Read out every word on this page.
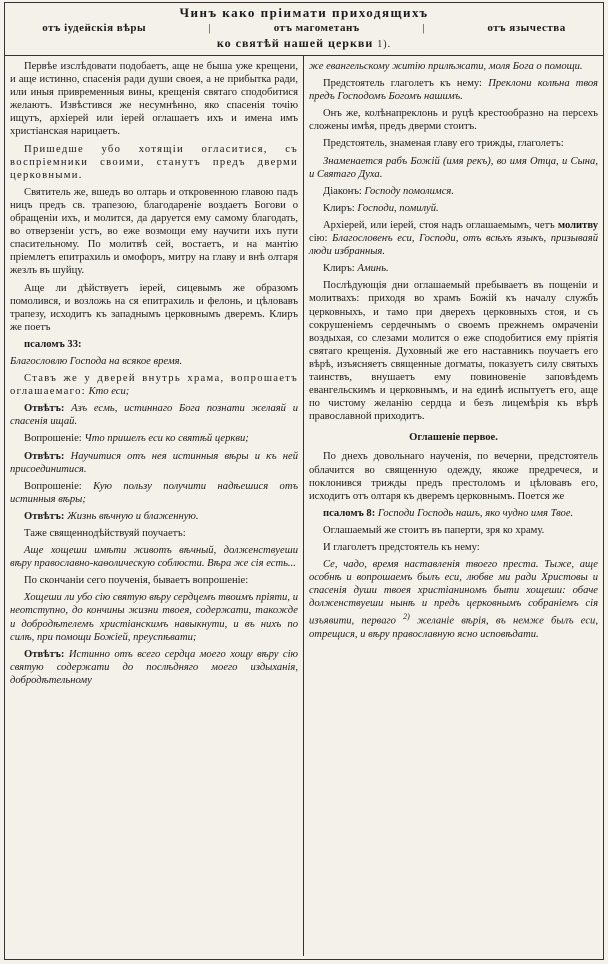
Чинъ како пріимати приходящихъ
отъ іудейскія вѣры	|	отъ магометанъ	|	отъ язычества
ко святѣй нашей церкви 1).

Первѣе изслѣдовати подобаетъ, аще не быша уже крещени, и аще истинно, спасенія ради души своея, а не прибытка ради, или иныя привременныя вины, крещенія святаго сподобитися желаютъ. Извѣстився же несумнѣнно, яко спасенія точію ищутъ, архіерей или іерей оглашаетъ ихъ и имена имъ христіанская нарицаетъ.

Пришедше убо хотящіи огласитися, съ воспріемники своими, станутъ предъ дверми церковными.

Святитель же, вшедъ во олтарь и откровенною главою падъ ницъ предъ св. трапезою, благодареніе воздаетъ Богови о обращеніи ихъ, и молится, да даруется ему самому благодать, во отверзеніи устъ, во еже возмощи ему научити ихъ пути спасительному. По молитвѣ сей, востаетъ, и на мантію пріемлетъ епитрахиль и омофоръ, митру на главу и внѣ олтаря жезлъ въ шуйцу.

Аще ли дѣйствуетъ іерей, сицевымъ же образомъ помолився, и возложь на ся епитрахиль и фелонь, и цѣловавъ трапезу, исходитъ къ западнымъ церковнымъ дверемъ. Клиръ же поетъ

псаломъ 33:

Благословлю Господа на всякое время.

Ставъ же у дверей внутрь храма, вопрошаетъ оглашаемаго: Кто еси;

Отвѣтъ: Азъ есмь, истиннаго Бога познати желаяй и спасенія ищай.

Вопрошеніе: Что пришелъ еси ко святѣй церкви;

Отвѣтъ: Научитися отъ нея истинныя вѣры и къ ней присоединитися.

Вопрошеніе: Кую пользу получити надѣешися отъ истинныя вѣры;

Отвѣтъ: Жизнь вѣчную и блаженную.

Таже священнодѣйствуяй поучаетъ:

Аще хощеши имѣти животъ вѣчный, долженствуеши вѣру православно-каѳолическую соблюсти. Вѣра же сія есть...

По скончаніи сего поученія, бываетъ вопрошеніе:

Хощеши ли убо сію святую вѣру сердцемъ твоимъ пріяти, и неотступно, до кончины жизни твоея, содержати, такожде и добродѣтелемъ христіанскимъ навыкнути, и въ нихъ по силѣ, при помощи Божіей, преуспѣвати;

Отвѣтъ: Истинно отъ всего сердца моего хощу вѣру сію святую содержати до послѣдняго моего издыханія, добродѣтельному

же евангельскому житію прилѣжати, моля Бога о помощи.

Предстоятель глаголетъ къ нему: Преклони колѣна твоя предъ Господомъ Богомъ нашимъ.

Онъ же, колѣнапреклонь и руцѣ крестообразно на персехъ сложены имѣя, предъ дверми стоитъ.

Предстоятель, знаменая главу его трижды, глаголетъ:

Знаменается рабъ Божій (имя рекъ), во имя Отца, и Сына, и Святаго Духа.

Діаконъ: Господу помолимся.

Клиръ: Господи, помилуй.

Архіерей, или іерей, стоя надъ оглашаемымъ, четъ молитву сію: Благословенъ еси, Господи, отъ всѣхъ языкъ, призываяй люди избранныя.

Клиръ: Аминь.

Послѣдующія дни оглашаемый пребываетъ въ пощеніи и молитвахъ: приходя во храмъ Божій къ началу службъ церковныхъ, и тамо при дверехъ церковныхъ стоя, и съ сокрушеніемъ сердечнымъ о своемъ прежнемъ омраченіи воздыхая, со слезами молится о еже сподобитися ему пріятія святаго крещенія. Духовный же его наставникъ поучаетъ его вѣрѣ, изъясняетъ священные догматы, показуетъ силу святыхъ таинствъ, внушаетъ ему повиновеніе заповѣдемъ евангельскимъ и церковнымъ, и на единѣ испытуетъ его, аще по чистому желанію сердца и безъ лицемѣрія къ вѣрѣ православной приходитъ.

Оглашеніе первое.

По днехъ довольнаго наученія, по вечерни, предстоятель облачится во священную одежду, якоже предречеся, и поклонився трижды предъ престоломъ и цѣловавъ его, исходитъ отъ олтаря къ дверемъ церковнымъ. Поется же

псаломъ 8: Господи Господь нашъ, яко чудно имя Твое.

Оглашаемый же стоитъ въ паперти, зря ко храму.

И глаголетъ предстоятель къ нему:

Се, чадо, время наставленія твоего преста. Тыже, аще особнѣ и вопрошаемъ былъ еси, любве ми ради Христовы и спасенія души твоея христіаниномъ быти хощеши: обаче долженствуеши нынѣ и предъ церковнымъ собраніемъ сія изъявити, перваго $^{2)}$ желаніе вѣрія, въ немже былъ еси, отрещися, и вѣру православную ясно исповѣдати.
